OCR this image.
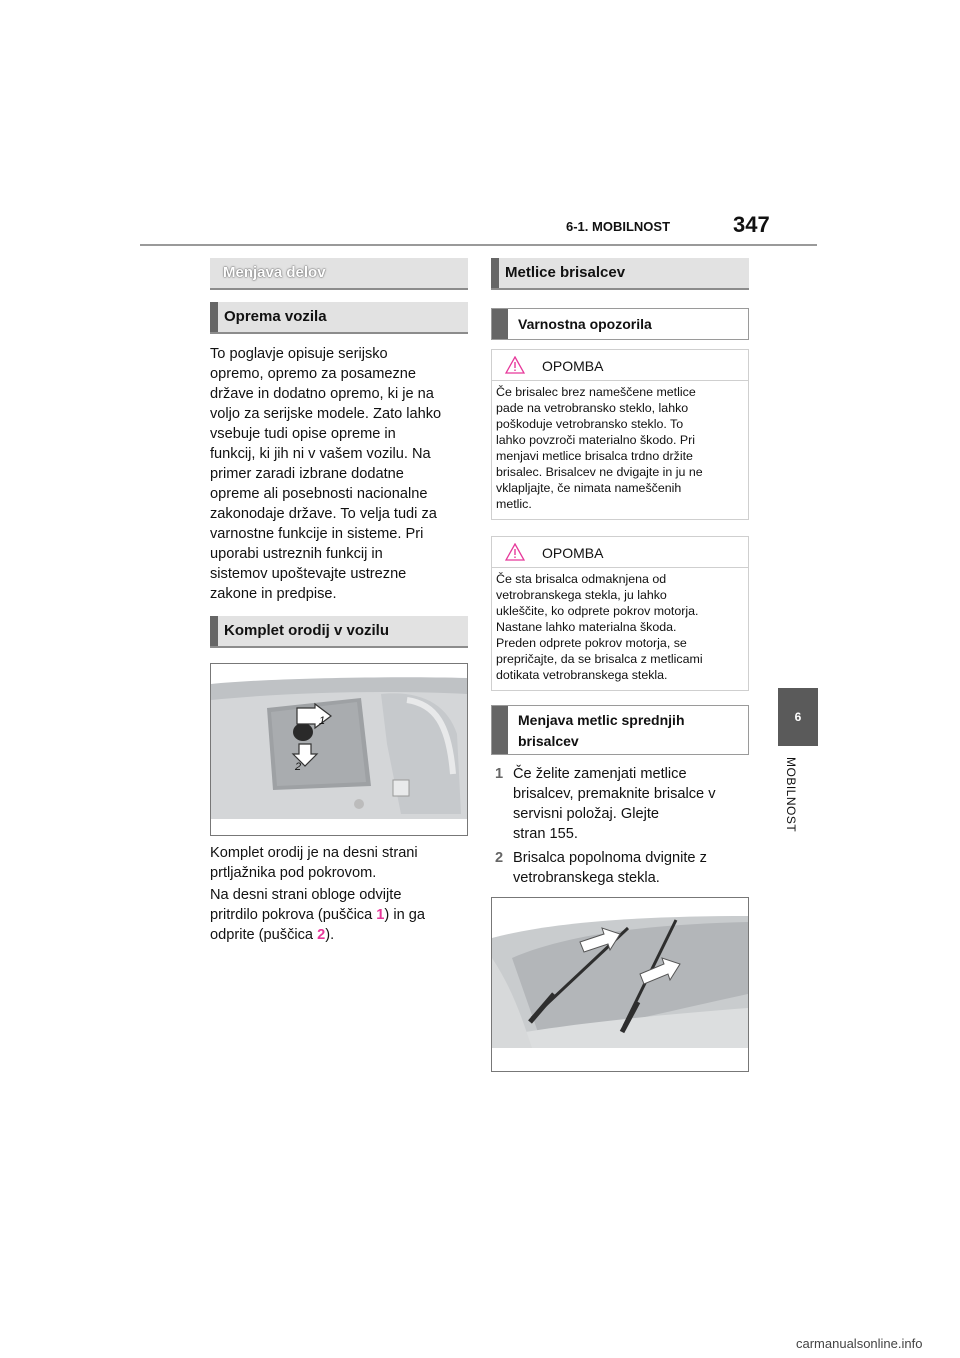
6-1. MOBILNOST	347
6
MOBILNOST
Menjava delov
Oprema vozila
To poglavje opisuje serijsko
opremo, opremo za posamezne
države in dodatno opremo, ki je na
voljo za serijske modele. Zato lahko
vsebuje tudi opise opreme in
funkcij, ki jih ni v vašem vozilu. Na
primer zaradi izbrane dodatne
opreme ali posebnosti nacionalne
zakonodaje države. To velja tudi za
varnostne funkcije in sisteme. Pri
uporabi ustreznih funkcij in
sistemov upoštevajte ustrezne
zakone in predpise.
Komplet orodij v vozilu
1
2
Komplet orodij je na desni strani
prtljažnika pod pokrovom.
Na desni strani obloge odvijte
pritrdilo pokrova (puščica 1) in ga
odprite (puščica 2).
Metlice brisalcev
Varnostna opozorila
OPOMBA
Če brisalec brez nameščene metlice
pade na vetrobransko steklo, lahko
poškoduje vetrobransko steklo. To
lahko povzroči materialno škodo. Pri
menjavi metlice brisalca trdno držite
brisalec. Brisalcev ne dvigajte in ju ne
vklapljajte, če nimata nameščenih
metlic.
OPOMBA
Če sta brisalca odmaknjena od
vetrobranskega stekla, ju lahko
ukleščite, ko odprete pokrov motorja.
Nastane lahko materialna škoda.
Preden odprete pokrov motorja, se
prepričajte, da se brisalca z metlicami
dotikata vetrobranskega stekla.
Menjava metlic sprednjih
brisalcev
1 Če želite zamenjati metlice
brisalcev, premaknite brisalce v
servisni položaj. Glejte
stran 155.
2 Brisalca popolnoma dvignite z
vetrobranskega stekla.
carmanualsonline.info
